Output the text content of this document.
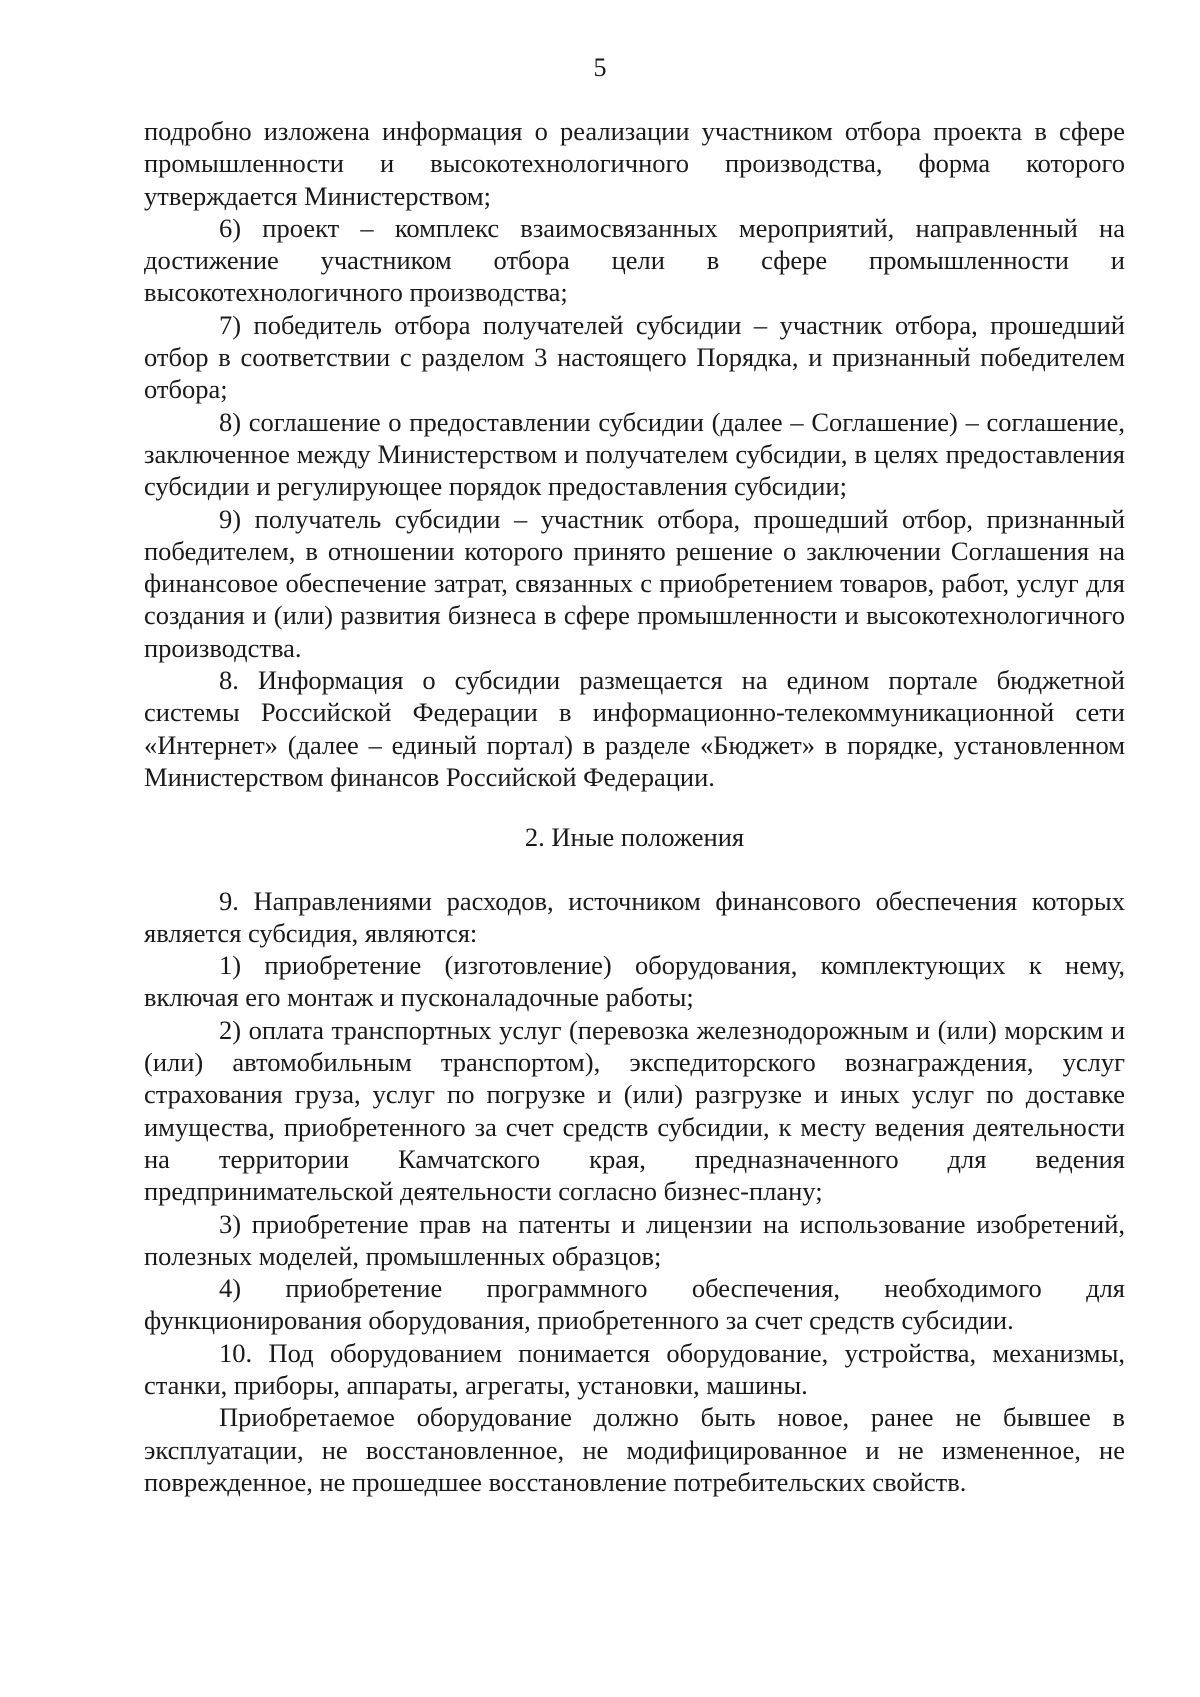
5

подробно изложена информация о реализации участником отбора проекта в сфере промышленности и высокотехнологичного производства, форма которого утверждается Министерством;

6) проект – комплекс взаимосвязанных мероприятий, направленный на достижение участником отбора цели в сфере промышленности и высокотехнологичного производства;

7) победитель отбора получателей субсидии – участник отбора, прошедший отбор в соответствии с разделом 3 настоящего Порядка, и признанный победителем отбора;

8) соглашение о предоставлении субсидии (далее – Соглашение) – соглашение, заключенное между Министерством и получателем субсидии, в целях предоставления субсидии и регулирующее порядок предоставления субсидии;

9) получатель субсидии – участник отбора, прошедший отбор, признанный победителем, в отношении которого принято решение о заключении Соглашения на финансовое обеспечение затрат, связанных с приобретением товаров, работ, услуг для создания и (или) развития бизнеса в сфере промышленности и высокотехнологичного производства.

8. Информация о субсидии размещается на едином портале бюджетной системы Российской Федерации в информационно-телекоммуникационной сети «Интернет» (далее – единый портал) в разделе «Бюджет» в порядке, установленном Министерством финансов Российской Федерации.

2. Иные положения

9. Направлениями расходов, источником финансового обеспечения которых является субсидия, являются:

1) приобретение (изготовление) оборудования, комплектующих к нему, включая его монтаж и пусконаладочные работы;

2) оплата транспортных услуг (перевозка железнодорожным и (или) морским и (или) автомобильным транспортом), экспедиторского вознаграждения, услуг страхования груза, услуг по погрузке и (или) разгрузке и иных услуг по доставке имущества, приобретенного за счет средств субсидии, к месту ведения деятельности на территории Камчатского края, предназначенного для ведения предпринимательской деятельности согласно бизнес-плану;

3) приобретение прав на патенты и лицензии на использование изобретений, полезных моделей, промышленных образцов;

4) приобретение программного обеспечения, необходимого для функционирования оборудования, приобретенного за счет средств субсидии.

10. Под оборудованием понимается оборудование, устройства, механизмы, станки, приборы, аппараты, агрегаты, установки, машины.

Приобретаемое оборудование должно быть новое, ранее не бывшее в эксплуатации, не восстановленное, не модифицированное и не измененное, не поврежденное, не прошедшее восстановление потребительских свойств.
